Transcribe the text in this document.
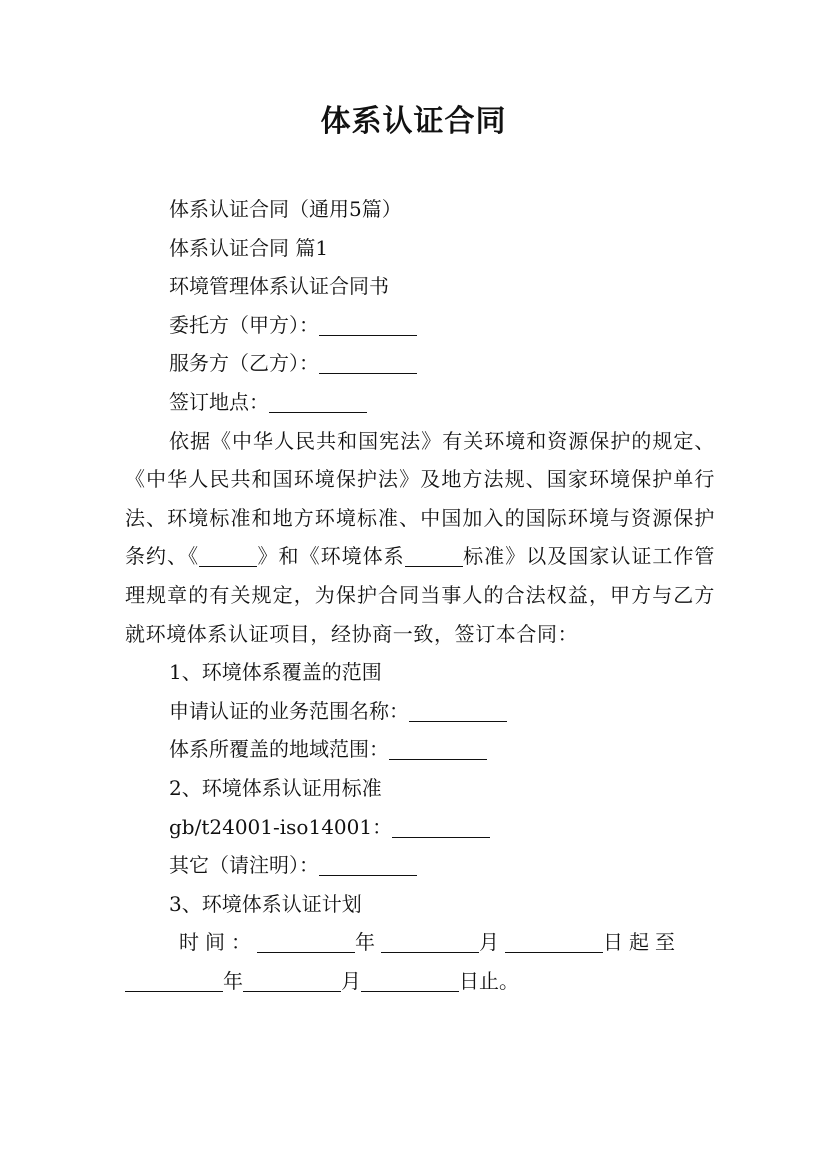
体系认证合同

体系认证合同（通用5篇）

体系认证合同 篇1

环境管理体系认证合同书

委托方（甲方）：

服务方（乙方）：

签订地点：

依据《中华人民共和国宪法》有关环境和资源保护的规定、《中华人民共和国环境保护法》及地方法规、国家环境保护单行法、环境标准和地方环境标准、中国加入的国际环境与资源保护条约、《	》和《环境体系	标准》以及国家认证工作管理规章的有关规定，为保护合同当事人的合法权益，甲方与乙方就环境体系认证项目，经协商一致，签订本合同：

1、环境体系覆盖的范围

申请认证的业务范围名称：

体系所覆盖的地域范围：

2、环境体系认证用标准

gb/t24001-iso14001：

其它（请注明）：

3、环境体系认证计划

时间：	年	月	日起至

年	月	日止。
